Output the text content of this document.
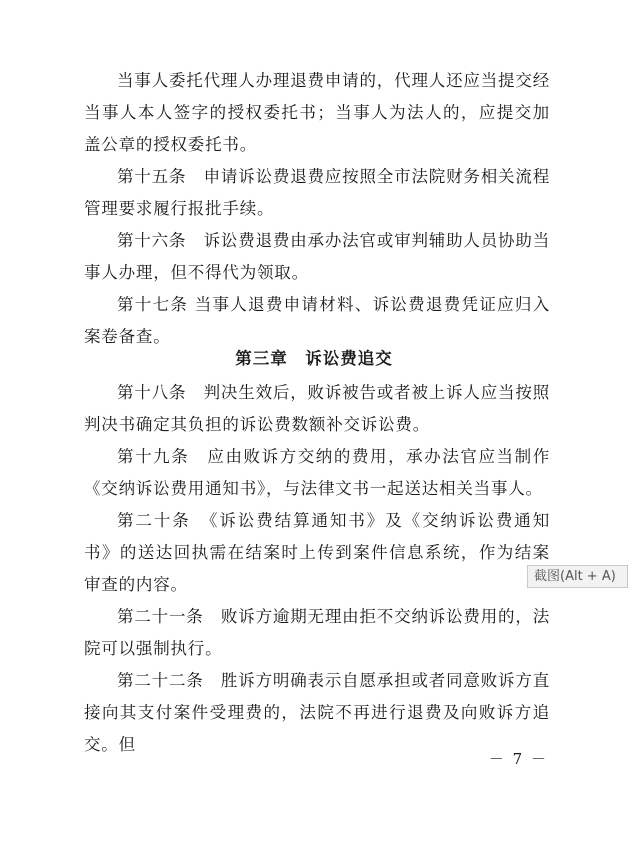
当事人委托代理人办理退费申请的，代理人还应当提交经当事人本人签字的授权委托书；当事人为法人的，应提交加盖公章的授权委托书。

第十五条　申请诉讼费退费应按照全市法院财务相关流程管理要求履行报批手续。

第十六条　诉讼费退费由承办法官或审判辅助人员协助当事人办理，但不得代为领取。

第十七条 当事人退费申请材料、诉讼费退费凭证应归入案卷备查。

第三章　诉讼费追交

第十八条　判决生效后，败诉被告或者被上诉人应当按照判决书确定其负担的诉讼费数额补交诉讼费。

第十九条　应由败诉方交纳的费用，承办法官应当制作《交纳诉讼费用通知书》，与法律文书一起送达相关当事人。

第二十条　《诉讼费结算通知书》及《交纳诉讼费通知书》的送达回执需在结案时上传到案件信息系统，作为结案审查的内容。

第二十一条　败诉方逾期无理由拒不交纳诉讼费用的，法院可以强制执行。

第二十二条　胜诉方明确表示自愿承担或者同意败诉方直接向其支付案件受理费的，法院不再进行退费及向败诉方追交。但

－ 7 －
截图(Alt + A)
